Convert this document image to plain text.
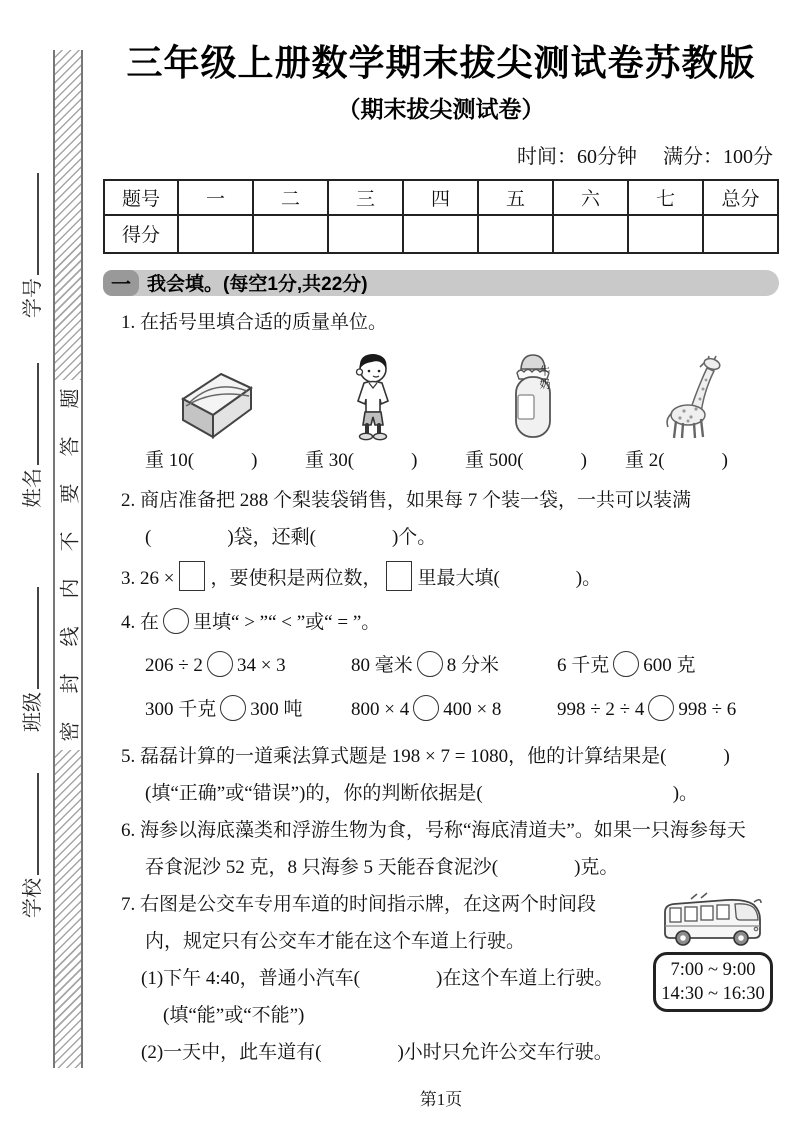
题
答
要
不
内
线
封
密
学号
姓名
班级
学校
三年级上册数学期末拔尖测试卷苏教版
（期末拔尖测试卷）
时间：60分钟 满分：100分
题号	一	二	三	四	五	六	七	总分
得分								
一 我会填。(每空1分,共22分)
1. 在括号里填合适的质量单位。
重 10(　　　)	重 30(　　　)
牛奶
重 500(　　　)	重 2(　　　)
2. 商店准备把 288 个梨装袋销售，如果每 7 个装一袋，一共可以装满
(　　　　)袋，还剩(　　　　)个。
3. 26 × ，要使积是两位数， 里最大填(　　　　)。
4. 在 里填“ > ”“ < ”或“ = ”。
206 ÷ 2 34 × 3	80 毫米 8 分米	6 千克 600 克
300 千克 300 吨	800 × 4 400 × 8	998 ÷ 2 ÷ 4 998 ÷ 6
5. 磊磊计算的一道乘法算式题是 198 × 7 = 1080，他的计算结果是(　　　)
(填“正确”或“错误”)的，你的判断依据是(　　　　　　　　　　)。
6. 海参以海底藻类和浮游生物为食，号称“海底清道夫”。如果一只海参每天
吞食泥沙 52 克，8 只海参 5 天能吞食泥沙(　　　　)克。
7:00 ~ 9:00
14:30 ~ 16:30
7. 右图是公交车专用车道的时间指示牌，在这两个时间段
内，规定只有公交车才能在这个车道上行驶。
(1)下午 4:40，普通小汽车(　　　　)在这个车道上行驶。
(填“能”或“不能”)
(2)一天中，此车道有(　　　　)小时只允许公交车行驶。
第1页
